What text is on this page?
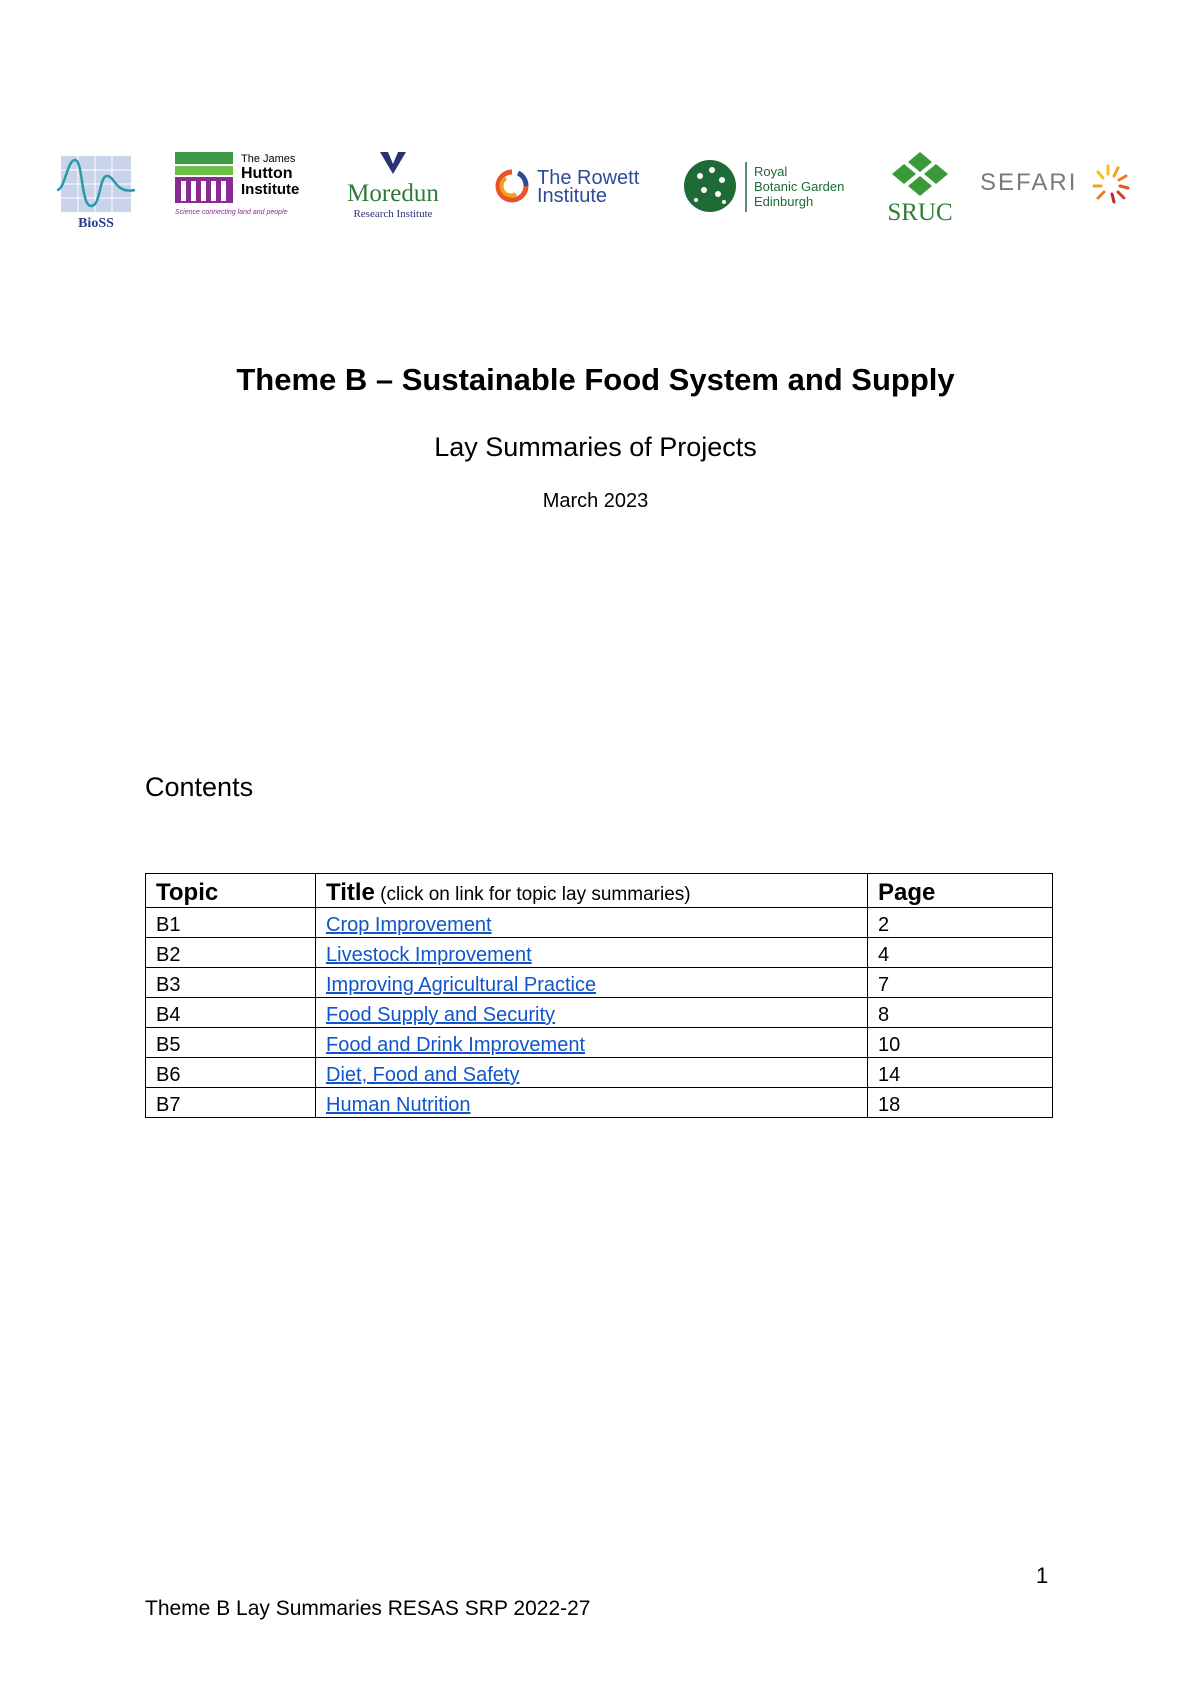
BioSS
The James
Hutton
Institute
Science connecting land and people
Moredun
Research Institute
The Rowett
Institute
Royal
Botanic Garden
Edinburgh	SRUC
SEFARI
Theme B – Sustainable Food System and Supply
Lay Summaries of Projects
March 2023
Contents
Topic	Title (click on link for topic lay summaries)	Page
B1	Crop Improvement	2
B2	Livestock Improvement	4
B3	Improving Agricultural Practice	7
B4	Food Supply and Security	8
B5	Food and Drink Improvement	10
B6	Diet, Food and Safety	14
B7	Human Nutrition	18
1
Theme B Lay Summaries RESAS SRP 2022-27
